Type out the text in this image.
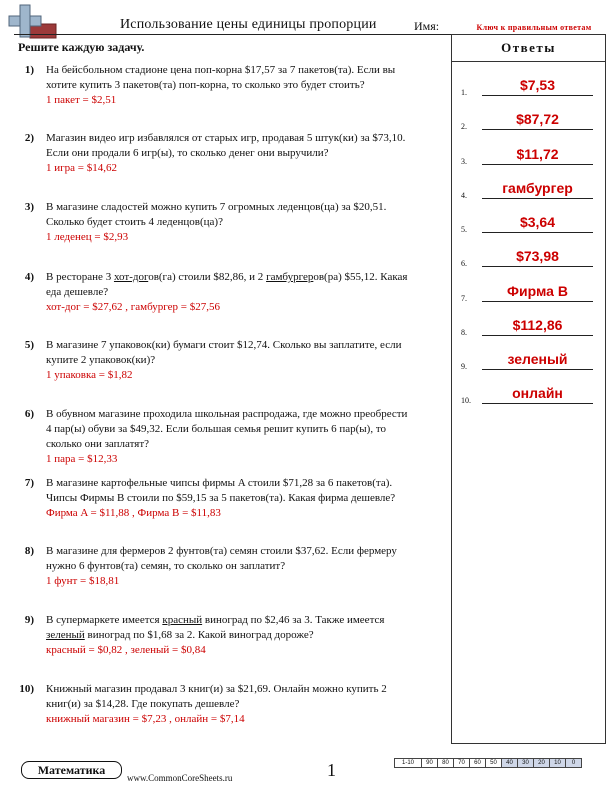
Использование цены единицы пропорции	Имя:	Ключ к правильным ответам
Решите каждую задачу.	Ответы
1.	$7,53
2.	$87,72
3.	$11,72
4.	гамбургер
5.	$3,64
6.	$73,98
7.	Фирма B
8.	$112,86
9.	зеленый
10.	онлайн
1) На бейсбольном стадионе цена поп-корна $17,57 за 7 пакетов(та). Если вы
хотите купить 3 пакетов(та) поп-корна, то сколько это будет стоить?
1 пакет = $2,51
2) Магазин видео игр избавлялся от старых игр, продавая 5 штук(ки) за $73,10.
Если они продали 6 игр(ы), то сколько денег они выручили?
1 игра = $14,62
3) В магазине сладостей можно купить 7 огромных леденцов(ца) за $20,51.
Сколько будет стоить 4 леденцов(ца)?
1 леденец = $2,93
4) В ресторане 3 хот-догов(га) стоили $82,86, и 2 гамбургеров(ра) $55,12. Какая
еда дешевле?
хот-дог = $27,62 , гамбургер = $27,56
5) В магазине 7 упаковок(ки) бумаги стоит $12,74. Сколько вы заплатите, если
купите 2 упаковок(ки)?
1 упаковка = $1,82
6) В обувном магазине проходила школьная распродажа, где можно преобрести
4 пар(ы) обуви за $49,32. Если большая семья решит купить 6 пар(ы), то
сколько они заплатят?
1 пара = $12,33
7) В магазине картофельные чипсы фирмы A стоили $71,28 за 6 пакетов(та).
Чипсы Фирмы B стоили по $59,15 за 5 пакетов(та). Какая фирма дешевле?
Фирма A = $11,88 , Фирма B = $11,83
8) В магазине для фермеров 2 фунтов(та) семян стоили $37,62. Если фермеру
нужно 6 фунтов(та) семян, то сколько он заплатит?
1 фунт = $18,81
9) В супермаркете имеется красный виноград по $2,46 за 3. Также имеется
зеленый виноград по $1,68 за 2. Какой виноград дороже?
красный = $0,82 , зеленый = $0,84
10) Книжный магазин продавал 3 книг(и) за $21,69. Онлайн можно купить 2
книг(и) за $14,28. Где покупать дешевле?
книжный магазин = $7,23 , онлайн = $7,14
Математика
www.CommonCoreSheets.ru	1	1-10	90	80	70	60	50	40	30	20	10	0
